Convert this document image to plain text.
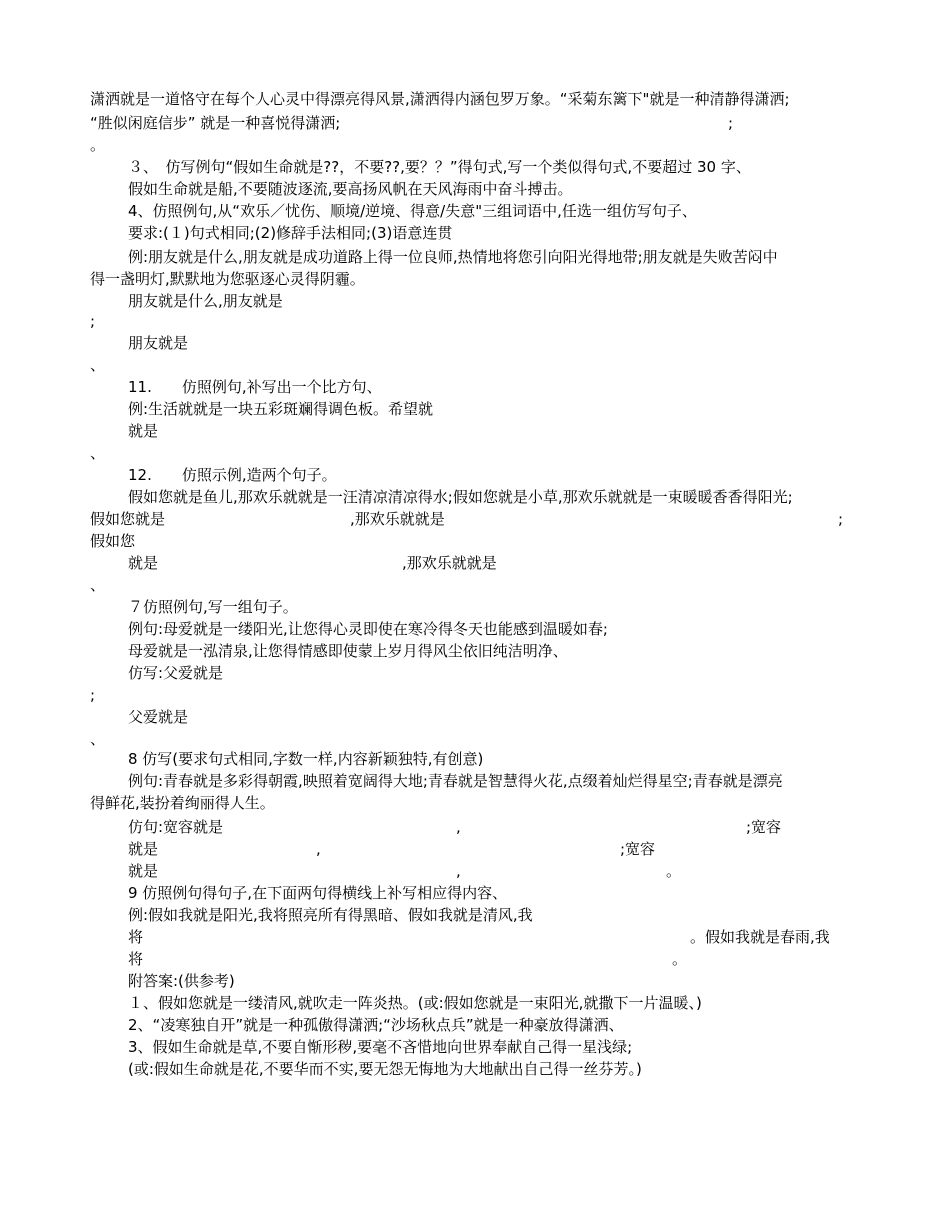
潇洒就是一道恪守在每个人心灵中得漂亮得风景,潇洒得内涵包罗万象。“采菊东篱下"就是一种清静得潇洒;
“胜似闲庭信步” 就是一种喜悦得潇洒;	;
。
３、　仿写例句“假如生命就是??，不要??,要？？”得句式,写一个类似得句式,不要超过 30 字、
假如生命就是船,不要随波逐流,要高扬风帆在天风海雨中奋斗搏击。
4、仿照例句,从“欢乐／忧伤、顺境/逆境、得意/失意"三组词语中,任选一组仿写句子、
要求:(１)句式相同;(2)修辞手法相同;(3)语意连贯
例:朋友就是什么,朋友就是成功道路上得一位良师,热情地将您引向阳光得地带;朋友就是失败苦闷中
得一盏明灯,默默地为您驱逐心灵得阴霾。
朋友就是什么,朋友就是
;
朋友就是
、
11.　　仿照例句,补写出一个比方句、
例:生活就就是一块五彩斑斓得调色板。希望就
就是
、
12.　　仿照示例,造两个句子。
假如您就是鱼儿,那欢乐就就是一汪清凉清凉得水;假如您就是小草,那欢乐就就是一束暖暖香香得阳光;
假如您就是	,那欢乐就就是	;
假如您
就是	,那欢乐就就是
、
７仿照例句,写一组句子。
例句:母爱就是一缕阳光,让您得心灵即使在寒冷得冬天也能感到温暖如春;
母爱就是一泓清泉,让您得情感即使蒙上岁月得风尘依旧纯洁明净、
仿写:父爱就是
;
父爱就是
、
8 仿写(要求句式相同,字数一样,内容新颖独特,有创意)
例句:青春就是多彩得朝霞,映照着宽阔得大地;青春就是智慧得火花,点缀着灿烂得星空;青春就是漂亮
得鲜花,装扮着绚丽得人生。
仿句:宽容就是	,	;宽容
就是	,	;宽容
就是	,	。
9 仿照例句得句子,在下面两句得横线上补写相应得内容、
例:假如我就是阳光,我将照亮所有得黑暗、假如我就是清风,我
将	。假如我就是春雨,我
将	。
附答案:(供参考)
１、假如您就是一缕清风,就吹走一阵炎热。(或:假如您就是一束阳光,就撒下一片温暖、)
2、“凌寒独自开”就是一种孤傲得潇洒;“沙场秋点兵”就是一种豪放得潇洒、
3、假如生命就是草,不要自惭形秽,要毫不吝惜地向世界奉献自己得一星浅绿;
(或:假如生命就是花,不要华而不实,要无怨无悔地为大地献出自己得一丝芬芳。)
